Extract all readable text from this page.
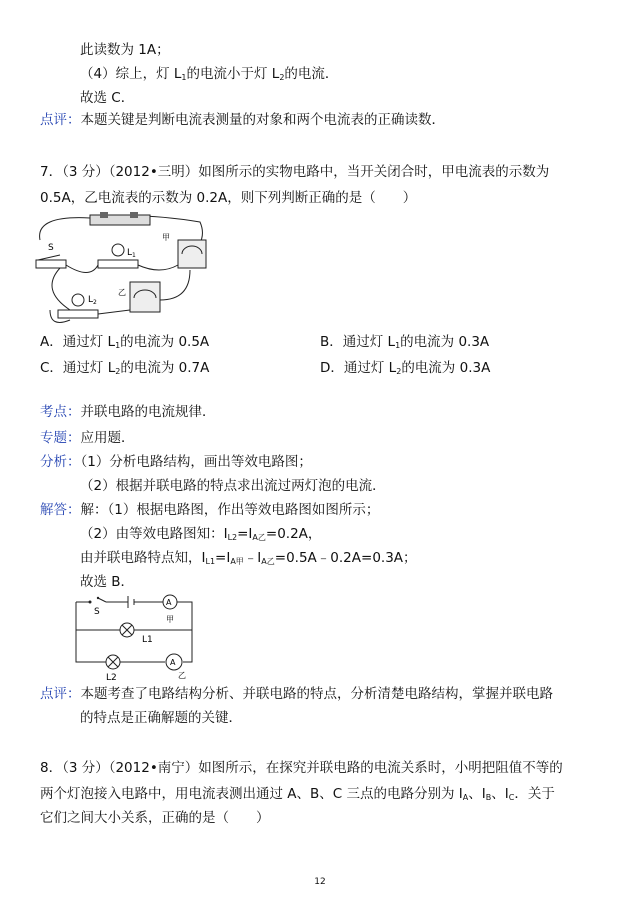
此读数为 1A；
（4）综上，灯 $L_1$的电流小于灯 $L_2$的电流．
故选 C．
点评：本题关键是判断电流表测量的对象和两个电流表的正确读数．
7．（3 分）（2012•三明）如图所示的实物电路中，当开关闭合时，甲电流表的示数为
0.5A，乙电流表的示数为 0.2A，则下列判断正确的是（　　）
S	$L_1$
甲
$L_2$
乙
A．通过灯 $L_1$的电流为 0.5A	B．通过灯 $L_1$的电流为 0.3A
C．通过灯 $L_2$的电流为 0.7A	D．通过灯 $L_2$的电流为 0.3A
考点：并联电路的电流规律．
专题：应用题．
分析：（1）分析电路结构，画出等效电路图；
（2）根据并联电路的特点求出流过两灯泡的电流．
解答：解：（1）根据电路图，作出等效电路图如图所示；
（2）由等效电路图知：$I_{L2}=I_{A乙}=0.2A$，
由并联电路特点知，$I_{L1}=I_{A甲}﹣I_{A乙}=0.5A﹣0.2A=0.3A$；
故选 B．
S
A
甲
L1
L2
A
乙
点评：本题考查了电路结构分析、并联电路的特点，分析清楚电路结构，掌握并联电路
的特点是正确解题的关键．
8．（3 分）（2012•南宁）如图所示，在探究并联电路的电流关系时，小明把阻值不等的
两个灯泡接入电路中，用电流表测出通过 A、B、C 三点的电路分别为 $I_A$、$I_B$、$I_C$．关于
它们之间大小关系，正确的是（　　）
12
